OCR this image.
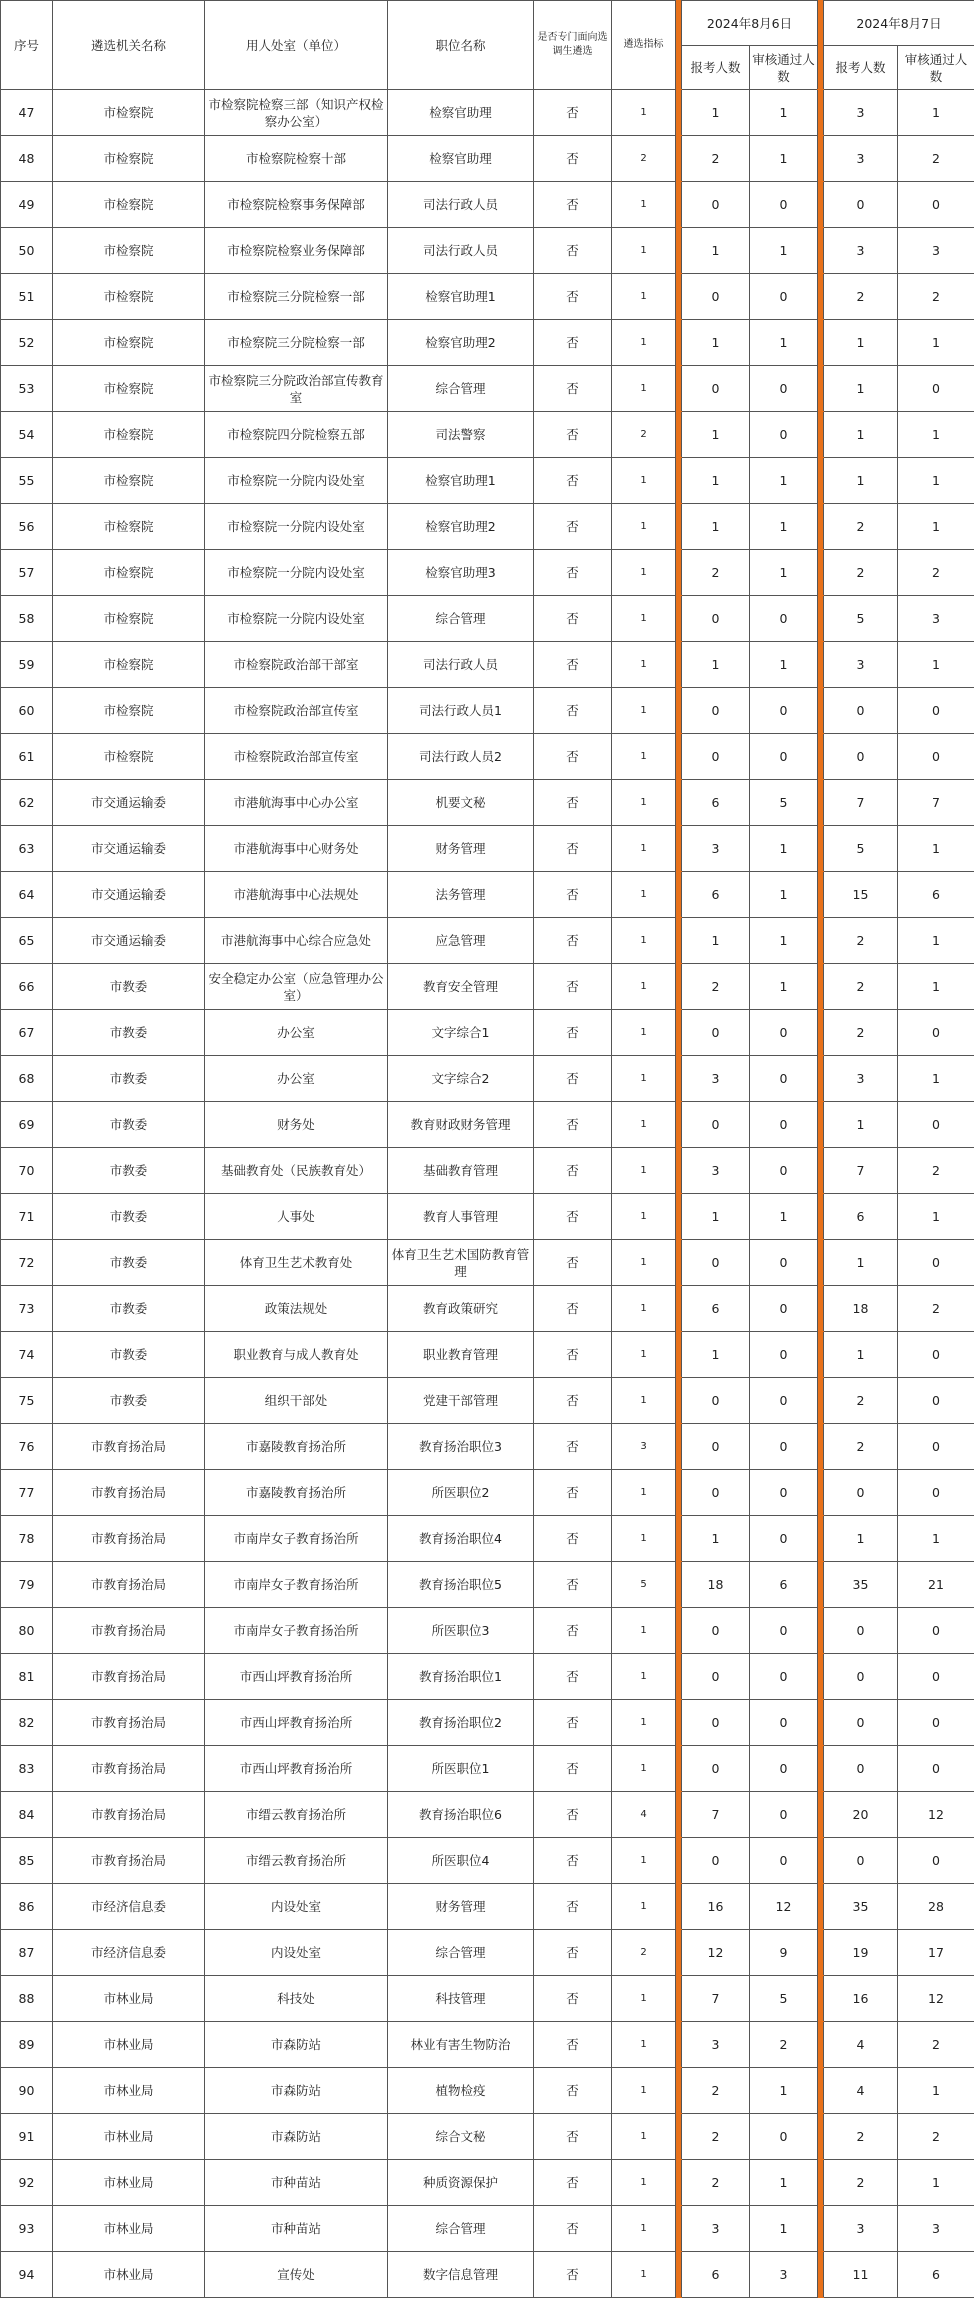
序号	遴选机关名称	用人处室（单位）	职位名称	是否专门面向选调生遴选	遴选指标		2024年8月6日			2024年8月7日	
							报考人数	审核通过人数		报考人数	审核通过人数
47	市检察院	市检察院检察三部（知识产权检察办公室）	检察官助理	否	1		1	1		3	1
48	市检察院	市检察院检察十部	检察官助理	否	2		2	1		3	2
49	市检察院	市检察院检察事务保障部	司法行政人员	否	1		0	0		0	0
50	市检察院	市检察院检察业务保障部	司法行政人员	否	1		1	1		3	3
51	市检察院	市检察院三分院检察一部	检察官助理1	否	1		0	0		2	2
52	市检察院	市检察院三分院检察一部	检察官助理2	否	1		1	1		1	1
53	市检察院	市检察院三分院政治部宣传教育室	综合管理	否	1		0	0		1	0
54	市检察院	市检察院四分院检察五部	司法警察	否	2		1	0		1	1
55	市检察院	市检察院一分院内设处室	检察官助理1	否	1		1	1		1	1
56	市检察院	市检察院一分院内设处室	检察官助理2	否	1		1	1		2	1
57	市检察院	市检察院一分院内设处室	检察官助理3	否	1		2	1		2	2
58	市检察院	市检察院一分院内设处室	综合管理	否	1		0	0		5	3
59	市检察院	市检察院政治部干部室	司法行政人员	否	1		1	1		3	1
60	市检察院	市检察院政治部宣传室	司法行政人员1	否	1		0	0		0	0
61	市检察院	市检察院政治部宣传室	司法行政人员2	否	1		0	0		0	0
62	市交通运输委	市港航海事中心办公室	机要文秘	否	1		6	5		7	7
63	市交通运输委	市港航海事中心财务处	财务管理	否	1		3	1		5	1
64	市交通运输委	市港航海事中心法规处	法务管理	否	1		6	1		15	6
65	市交通运输委	市港航海事中心综合应急处	应急管理	否	1		1	1		2	1
66	市教委	安全稳定办公室（应急管理办公室）	教育安全管理	否	1		2	1		2	1
67	市教委	办公室	文字综合1	否	1		0	0		2	0
68	市教委	办公室	文字综合2	否	1		3	0		3	1
69	市教委	财务处	教育财政财务管理	否	1		0	0		1	0
70	市教委	基础教育处（民族教育处）	基础教育管理	否	1		3	0		7	2
71	市教委	人事处	教育人事管理	否	1		1	1		6	1
72	市教委	体育卫生艺术教育处	体育卫生艺术国防教育管理	否	1		0	0		1	0
73	市教委	政策法规处	教育政策研究	否	1		6	0		18	2
74	市教委	职业教育与成人教育处	职业教育管理	否	1		1	0		1	0
75	市教委	组织干部处	党建干部管理	否	1		0	0		2	0
76	市教育扬治局	市嘉陵教育扬治所	教育扬治职位3	否	3		0	0		2	0
77	市教育扬治局	市嘉陵教育扬治所	所医职位2	否	1		0	0		0	0
78	市教育扬治局	市南岸女子教育扬治所	教育扬治职位4	否	1		1	0		1	1
79	市教育扬治局	市南岸女子教育扬治所	教育扬治职位5	否	5		18	6		35	21
80	市教育扬治局	市南岸女子教育扬治所	所医职位3	否	1		0	0		0	0
81	市教育扬治局	市西山坪教育扬治所	教育扬治职位1	否	1		0	0		0	0
82	市教育扬治局	市西山坪教育扬治所	教育扬治职位2	否	1		0	0		0	0
83	市教育扬治局	市西山坪教育扬治所	所医职位1	否	1		0	0		0	0
84	市教育扬治局	市缙云教育扬治所	教育扬治职位6	否	4		7	0		20	12
85	市教育扬治局	市缙云教育扬治所	所医职位4	否	1		0	0		0	0
86	市经济信息委	内设处室	财务管理	否	1		16	12		35	28
87	市经济信息委	内设处室	综合管理	否	2		12	9		19	17
88	市林业局	科技处	科技管理	否	1		7	5		16	12
89	市林业局	市森防站	林业有害生物防治	否	1		3	2		4	2
90	市林业局	市森防站	植物检疫	否	1		2	1		4	1
91	市林业局	市森防站	综合文秘	否	1		2	0		2	2
92	市林业局	市种苗站	种质资源保护	否	1		2	1		2	1
93	市林业局	市种苗站	综合管理	否	1		3	1		3	3
94	市林业局	宣传处	数字信息管理	否	1		6	3		11	6
